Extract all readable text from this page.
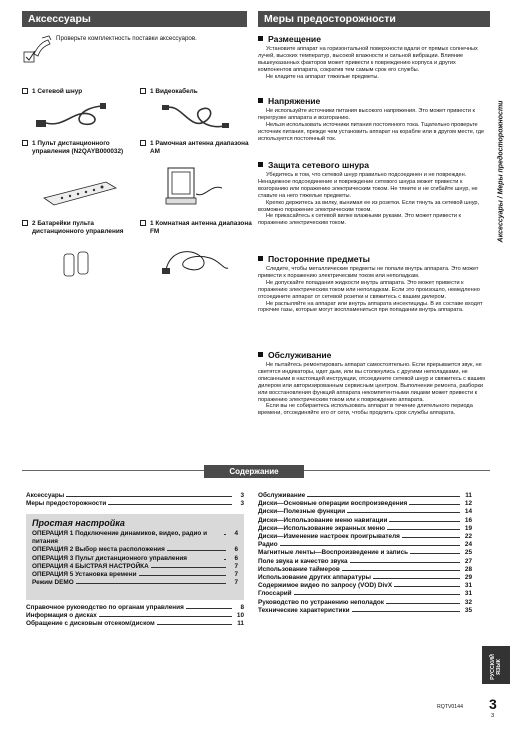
Аксессуары	Меры предосторожности
Проверьте комплектность поставки аксессуаров.
1 Сетевой шнур	1 Видеокабель
1 Пульт дистанционного управления (N2QAYB000032)
1 Рамочная антенна диапазона AM
2 Батарейки пульта дистанционного управления
1 Комнатная антенна диапазона FM	Аксессуары / Меры предосторожности
Размещение

Установите аппарат на горизонтальной поверхности вдали от прямых солнечных лучей, высоких температур, высокой влажности и сильной вибрации. Влияние вышеуказанных факторов может привести к повреждению корпуса и других компонентов аппарата, сократив тем самым срок его службы.

Не кладите на аппарат тяжелые предметы.

Напряжение

Не используйте источники питания высокого напряжения. Это может привести к перегрузке аппарата и возгоранию.

Нельзя использовать источники питания постоянного тока. Тщательно проверьте источник питания, прежде чем установить аппарат на корабле или в другом месте, где используется постоянный ток.

Защита сетевого шнура

Убедитесь в том, что сетевой шнур правильно подсоединен и не поврежден. Ненадежное подсоединение и повреждение сетевого шнура может привести к возгоранию или поражению электрическим током. Не тяните и не сгибайте шнур, не ставьте на него тяжелые предметы.

Крепко держитесь за вилку, вынимая ее из розетки. Если тянуть за сетевой шнур, возможно поражение электрическим током.

Не прикасайтесь к сетевой вилке влажными руками. Это может привести к поражению электрическим током.

Посторонние предметы

Следите, чтобы металлические предметы не попали внутрь аппарата. Это может привести к поражению электрическим током или неполадкам.

Не допускайте попадания жидкости внутрь аппарата. Это может привести к поражению электрическим током или неполадкам. Если это произошло, немедленно отсоедините аппарат от сетевой розетки и свяжитесь с вашим дилером.

Не распыляйте на аппарат или внутрь аппарата инсектициды. В их составе входят горючие газы, которые могут воспламениться при попадании внутрь аппарата.

Обслуживание

Не пытайтесь ремонтировать аппарат самостоятельно. Если прерывается звук, не светятся индикаторы, идет дым, или вы столкнулись с другими неполадками, не описанными в настоящей инструкции, отсоедините сетевой шнур и свяжитесь с вашим дилером или авторизированным сервисным центром. Выполнение ремонта, разборки или восстановления функций аппарата некомпетентными лицами может привести к поражению электрическим током или к повреждению аппарата.

Если вы не собираетесь использовать аппарат в течение длительного периода времени, отсоединяйте его от сети, чтобы продлить срок службы аппарата.

Содержание
Аксессуары	3
Меры предосторожности	3
Простая настройка
ОПЕРАЦИЯ 1 Подключение динамиков, видео, радио и питания
4
ОПЕРАЦИЯ 2 Выбор места расположения	6
ОПЕРАЦИЯ 3 Пульт дистанционного управления	6
ОПЕРАЦИЯ 4 БЫСТРАЯ НАСТРОЙКА	7
ОПЕРАЦИЯ 5 Установка времени	7
Режим DEMO	7
Справочное руководство по органам управления	8
Информация о дисках	10
Обращение с дисковым отсеком/диском	11
Обслуживание	11
Диски—Основные операции воспроизведения	12
Диски—Полезные функции	14
Диски—Использование меню навигации	16
Диски—Использование экранных меню	19
Диски—Изменение настроек проигрывателя	22
Радио	24
Магнитные ленты—Воспроизведение и запись	25
Поле звука и качество звука	27
Использование таймеров	28
Использование других аппаратуры	29
Содержимое видео по запросу (VOD) DivX	31
Глоссарий	31
Руководство по устранению неполадок	32
Технические характеристики	35
РУССКИЙ ЯЗЫК
RQTV0144 3
3
